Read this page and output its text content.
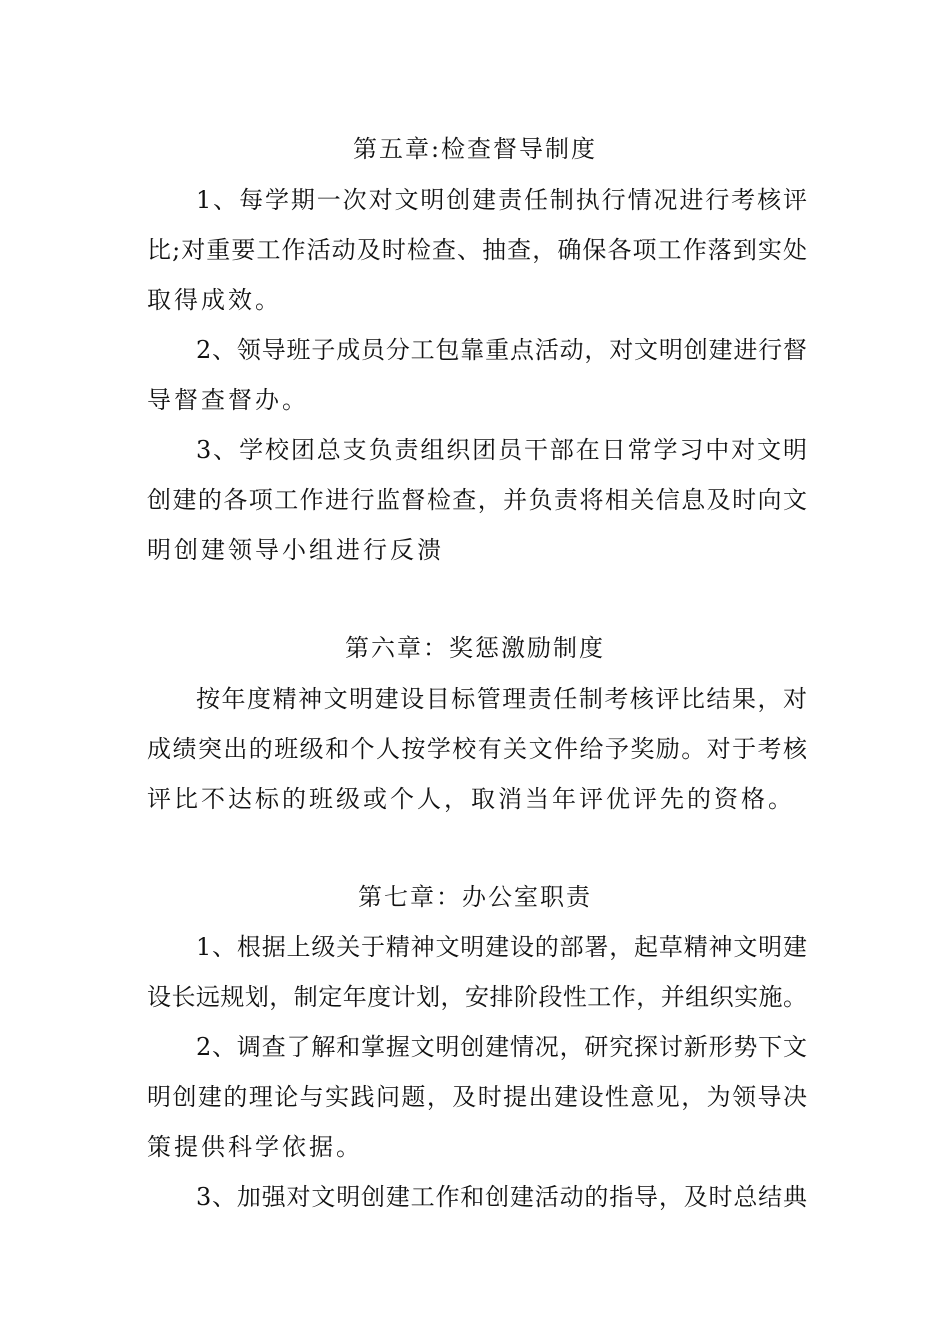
第五章:检查督导制度
1、每学期一次对文明创建责任制执行情况进行考核评
比;对重要工作活动及时检查、抽查，确保各项工作落到实处
取得成效。
2、领导班子成员分工包靠重点活动，对文明创建进行督
导督查督办。
3、学校团总支负责组织团员干部在日常学习中对文明
创建的各项工作进行监督检查，并负责将相关信息及时向文
明创建领导小组进行反溃
第六章：奖惩激励制度
按年度精神文明建设目标管理责任制考核评比结果，对
成绩突出的班级和个人按学校有关文件给予奖励。对于考核
评比不达标的班级或个人，取消当年评优评先的资格。
第七章：办公室职责
1、根据上级关于精神文明建设的部署，起草精神文明建
设长远规划，制定年度计划，安排阶段性工作，并组织实施。
2、调查了解和掌握文明创建情况，研究探讨新形势下文
明创建的理论与实践问题，及时提出建设性意见，为领导决
策提供科学依据。
3、加强对文明创建工作和创建活动的指导，及时总结典
